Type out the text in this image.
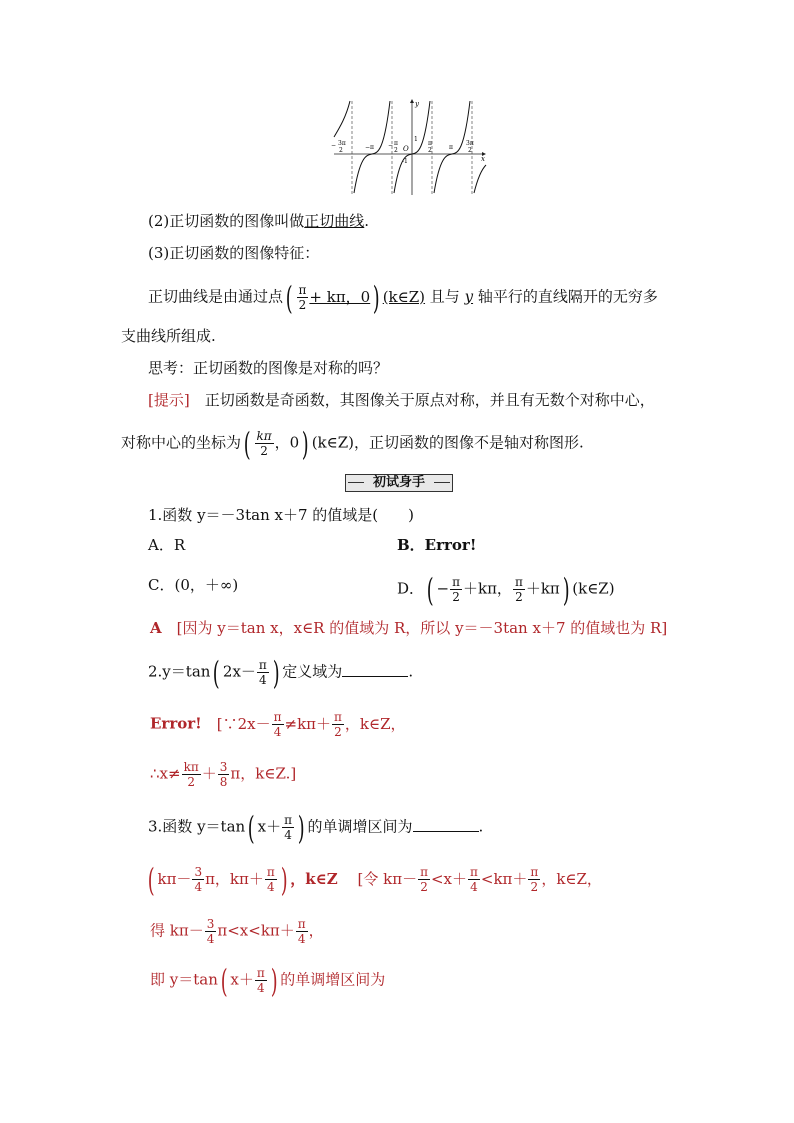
y
x
O
1
-1
3π
−
2	−π
π
−
2
π
2	π
3π
2
(2)正切函数的图像叫做正切曲线.
(3)正切函数的图像特征：
正切曲线是由通过点( $\frac{\pi}{2} + k\pi$，0) (k∈Z) 且与 y 轴平行的直线隔开的无穷多
支曲线所组成.
思考：正切函数的图像是对称的吗？
[提示]　正切函数是奇函数，其图像关于原点对称，并且有无数个对称中心，
对称中心的坐标为( $\frac{k\pi}{2}$ ，0) (k∈Z)，正切函数的图像不是轴对称图形.
初试身手
1.函数 y＝－3tan x＋7 的值域是(　　)
A．R	B．Error!
C．(0，＋∞)	D．( − $\frac{\pi}{2} +k\pi$， $\frac{\pi}{2} +k\pi$) (k∈Z)
A　 [因为 y＝tan x，x∈R 的值域为 R，所以 y＝－3tan x＋7 的值域也为 R]
2.y＝tan( $2x- \frac{\pi}{4}$ ) 定义域为	.
Error!　 [∵2x－ $\frac{\pi}{4} \ne k\pi+ \frac{\pi}{2}$ ，k∈Z，
∴x≠ $\frac{k\pi}{2} + \frac{3}{8}$ π，k∈Z.]
3.函数 y＝tan( $x+ \frac{\pi}{4}$ ) 的单调增区间为	.
( $k\pi- \frac{3}{4}$ π，$k\pi+ \frac{\pi}{4}$ ) ，k∈Z 　 [令 $k\pi- \frac{\pi}{2} <x+ \frac{\pi}{4} <k\pi+ \frac{\pi}{2}$ ，k∈Z，
得 $k\pi- \frac{3}{4} \pi<x<k\pi+ \frac{\pi}{4}$ ，
即 y＝tan( $x+ \frac{\pi}{4}$ ) 的单调增区间为
